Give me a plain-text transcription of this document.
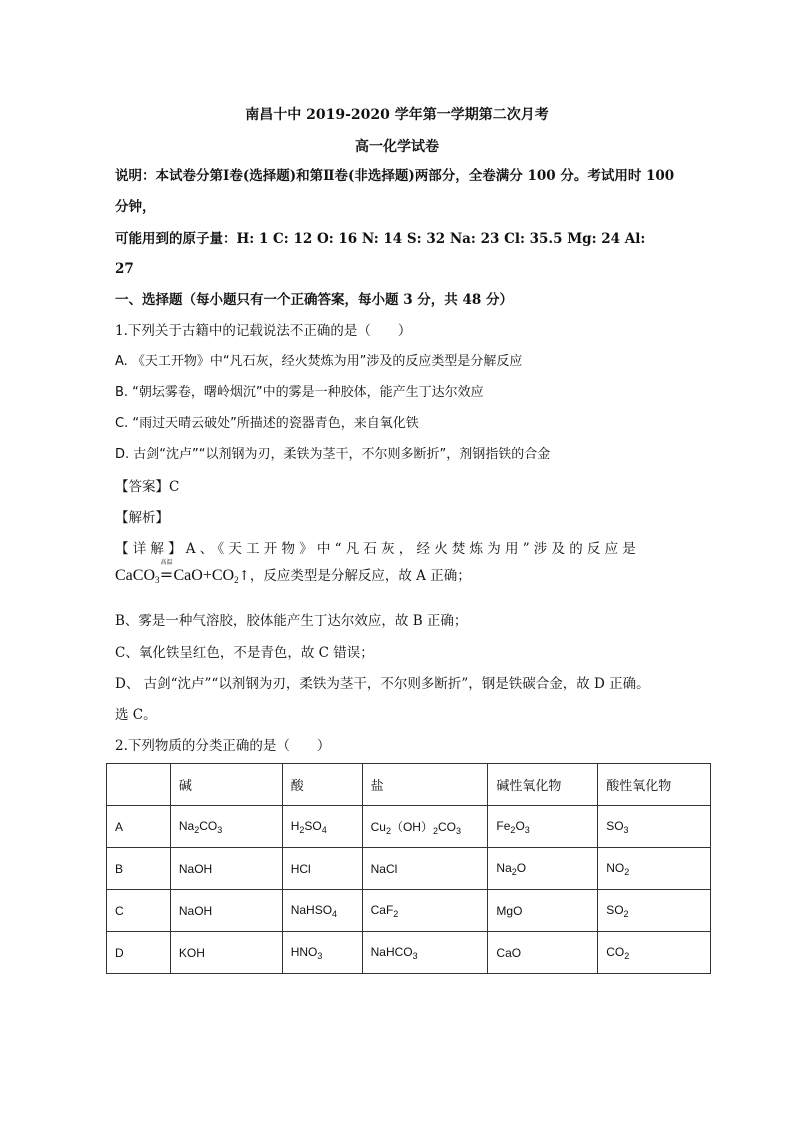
南昌十中 2019-2020 学年第一学期第二次月考
高一化学试卷
说明：本试卷分第Ⅰ卷(选择题)和第Ⅱ卷(非选择题)两部分，全卷满分 100 分。考试用时 100
分钟，
可能用到的原子量：H: 1 C: 12 O: 16 N: 14 S: 32 Na: 23 Cl: 35.5 Mg: 24 Al:
27
一、选择题（每小题只有一个正确答案，每小题 3 分，共 48 分）
1.下列关于古籍中的记载说法不正确的是（　　）
A. 《天工开物》中“凡石灰，经火焚炼为用”涉及的反应类型是分解反应
B. “朝坛雾卷，曙岭烟沉”中的雾是一种胶体，能产生丁达尔效应
C. “雨过天晴云破处”所描述的瓷器青色，来自氧化铁
D. 古剑“沈卢”“以剂钢为刃，柔铁为茎干，不尔则多断折”，剂钢指铁的合金
【答案】C
【解析】
【详解】A、《天工开物》中“凡石灰，经火焚炼为用”涉及的反应是
CaCO$_3$
高温
= $CaO+CO_2$ ↑ ，反应类型是分解反应，故 A 正确；
B、雾是一种气溶胶，胶体能产生丁达尔效应，故 B 正确；
C、氧化铁呈红色，不是青色，故 C 错误；
D、 古剑“沈卢”“以剂钢为刃，柔铁为茎干，不尔则多断折”，钢是铁碳合金，故 D 正确。
选 C。
2.下列物质的分类正确的是（　　）
	碱	酸	盐	碱性氧化物	酸性氧化物
A	$Na_2CO_3$	$H_2SO_4$	$Cu_2(OH)_2CO_3$	$Fe_2O_3$	$SO_3$
B	NaOH	HCl	NaCl	$Na_2O$	$NO_2$
C	NaOH	NaHSO$_4$	CaF$_2$	MgO	$SO_2$
D	KOH	$HNO_3$	NaHCO$_3$	CaO	$CO_2$
